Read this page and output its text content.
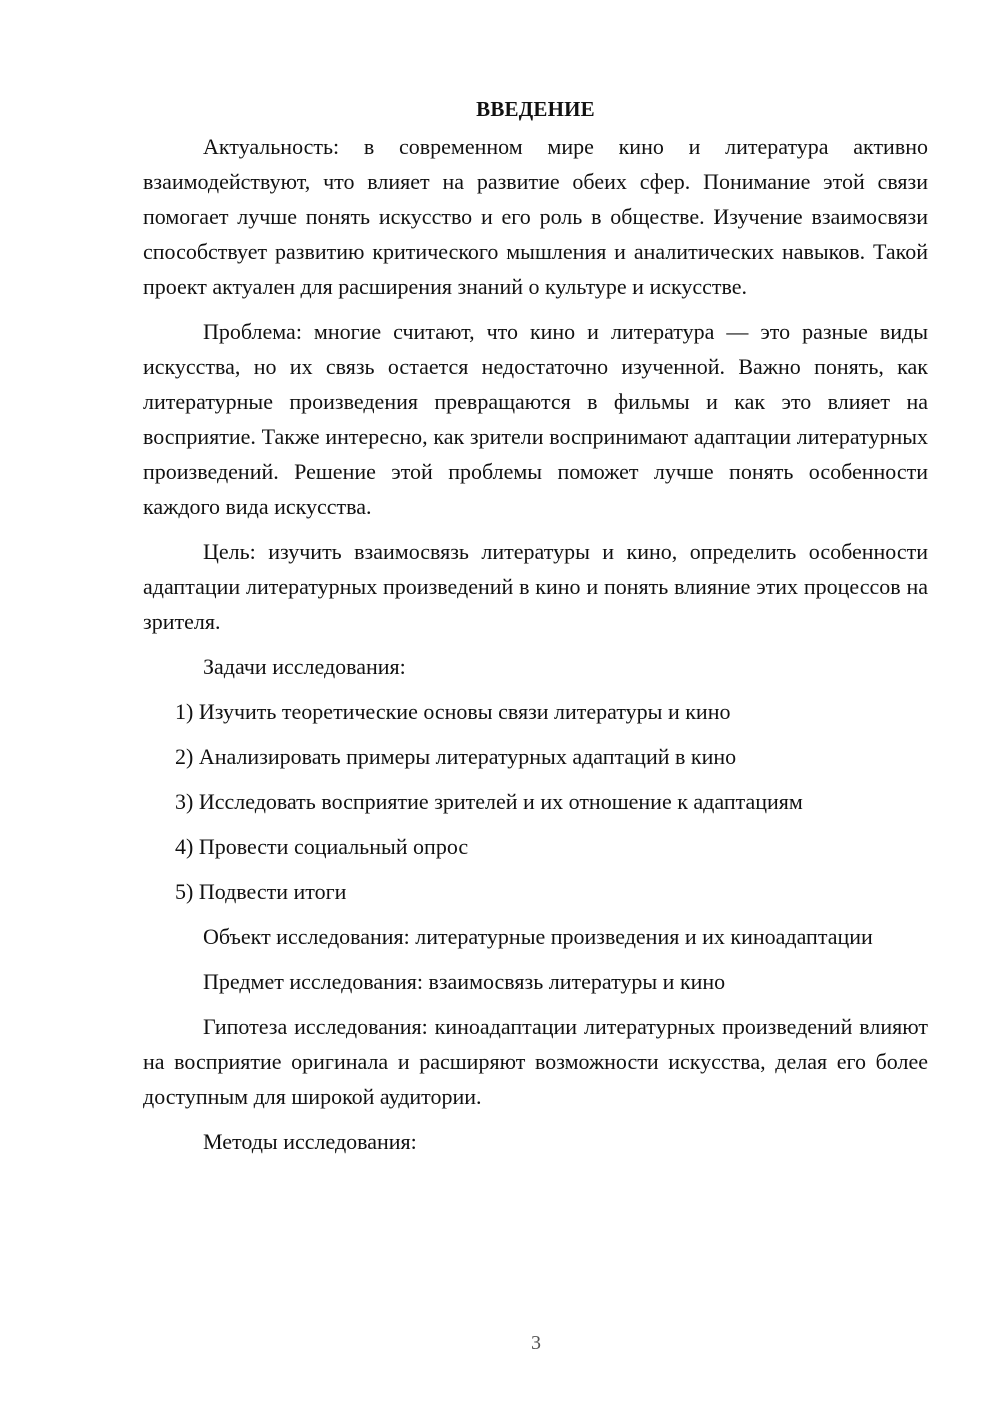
ВВЕДЕНИЕ

Актуальность: в современном мире кино и литература активно взаимодействуют, что влияет на развитие обеих сфер. Понимание этой связи помогает лучше понять искусство и его роль в обществе. Изучение взаимосвязи способствует развитию критического мышления и аналитических навыков. Такой проект актуален для расширения знаний о культуре и искусстве.

Проблема: многие считают, что кино и литература — это разные виды искусства, но их связь остается недостаточно изученной. Важно понять, как литературные произведения превращаются в фильмы и как это влияет на восприятие. Также интересно, как зрители воспринимают адаптации литературных произведений. Решение этой проблемы поможет лучше понять особенности каждого вида искусства.

Цель: изучить взаимосвязь литературы и кино, определить особенности адаптации литературных произведений в кино и понять влияние этих процессов на зрителя.

Задачи исследования:

1) Изучить теоретические основы связи литературы и кино
2) Анализировать примеры литературных адаптаций в кино
3) Исследовать восприятие зрителей и их отношение к адаптациям
4) Провести социальный опрос
5) Подвести итоги

Объект исследования: литературные произведения и их киноадаптации

Предмет исследования: взаимосвязь литературы и кино

Гипотеза исследования: киноадаптации литературных произведений влияют на восприятие оригинала и расширяют возможности искусства, делая его более доступным для широкой аудитории.

Методы исследования:

3
